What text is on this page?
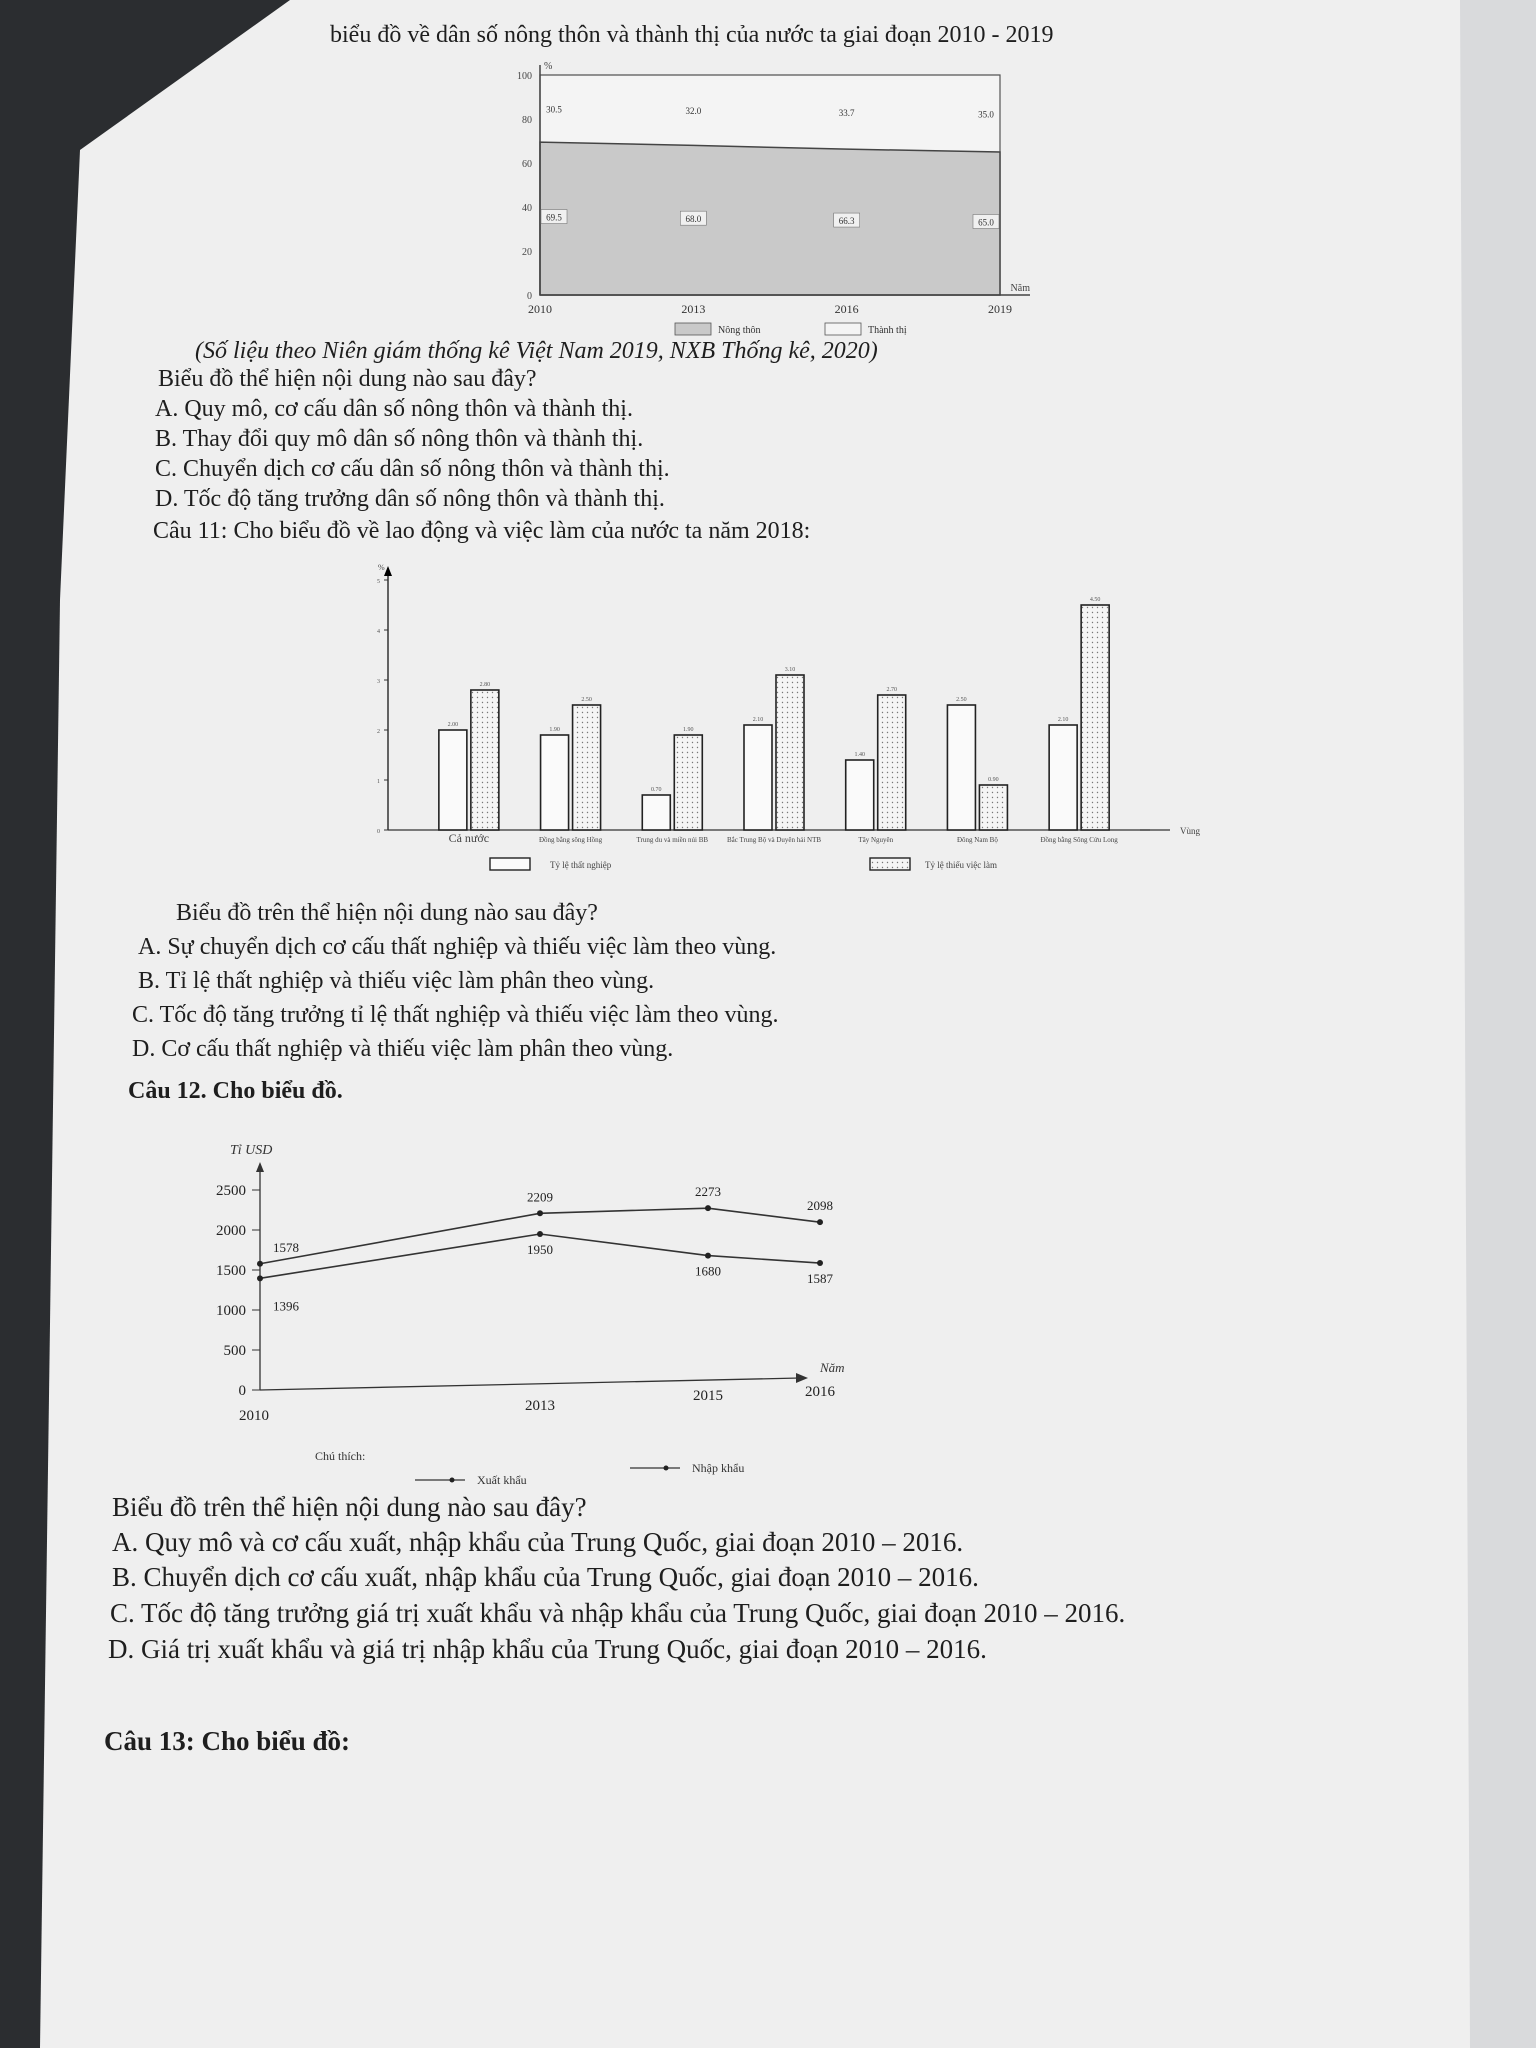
biểu đồ về dân số nông thôn và thành thị của nước ta giai đoạn 2010 - 2019
100
80
60
40
20
0
%
2010	2013	2016	2019
Năm
69.5	68.0	66.3	65.0
30.5	32.0	33.7	35.0
Nông thôn	Thành thị
(Số liệu theo Niên giám thống kê Việt Nam 2019, NXB Thống kê, 2020)
Biểu đồ thể hiện nội dung nào sau đây?
A. Quy mô, cơ cấu dân số nông thôn và thành thị.
B. Thay đổi quy mô dân số nông thôn và thành thị.
C. Chuyển dịch cơ cấu dân số nông thôn và thành thị.
D. Tốc độ tăng trưởng dân số nông thôn và thành thị.
Câu 11: Cho biểu đồ về lao động và việc làm của nước ta năm 2018:
%
Vùng
5
4
3
2
1
0
2.00
2.80
Cả nước
1.90
2.50
Đồng bằng sông Hồng
0.70
1.90
Trung du và miền núi BB
2.10
3.10
Bắc Trung Bộ và Duyên hải NTB
1.40
2.70
Tây Nguyên
2.50
0.90
Đông Nam Bộ
2.10
4.50
Đồng bằng Sông Cửu Long
Tỷ lệ thất nghiệp	Tỷ lệ thiếu việc làm
Biểu đồ trên thể hiện nội dung nào sau đây?
A. Sự chuyển dịch cơ cấu thất nghiệp và thiếu việc làm theo vùng.
B. Tỉ lệ thất nghiệp và thiếu việc làm phân theo vùng.
C. Tốc độ tăng trưởng tỉ lệ thất nghiệp và thiếu việc làm theo vùng.
D. Cơ cấu thất nghiệp và thiếu việc làm phân theo vùng.
Câu 12. Cho biểu đồ.
Tỉ USD
Năm
2500
2000
1500
1000
500
0
2010
2013
2015	2016
1578
2209	2273
2098
1396
1950
1680	1587
Chú thích:
Xuất khẩu
Nhập khẩu
Biểu đồ trên thể hiện nội dung nào sau đây?
A. Quy mô và cơ cấu xuất, nhập khẩu của Trung Quốc, giai đoạn 2010 – 2016.
B. Chuyển dịch cơ cấu xuất, nhập khẩu của Trung Quốc, giai đoạn 2010 – 2016.
C. Tốc độ tăng trưởng giá trị xuất khẩu và nhập khẩu của Trung Quốc, giai đoạn 2010 – 2016.
D. Giá trị xuất khẩu và giá trị nhập khẩu của Trung Quốc, giai đoạn 2010 – 2016.
Câu 13: Cho biểu đồ:
